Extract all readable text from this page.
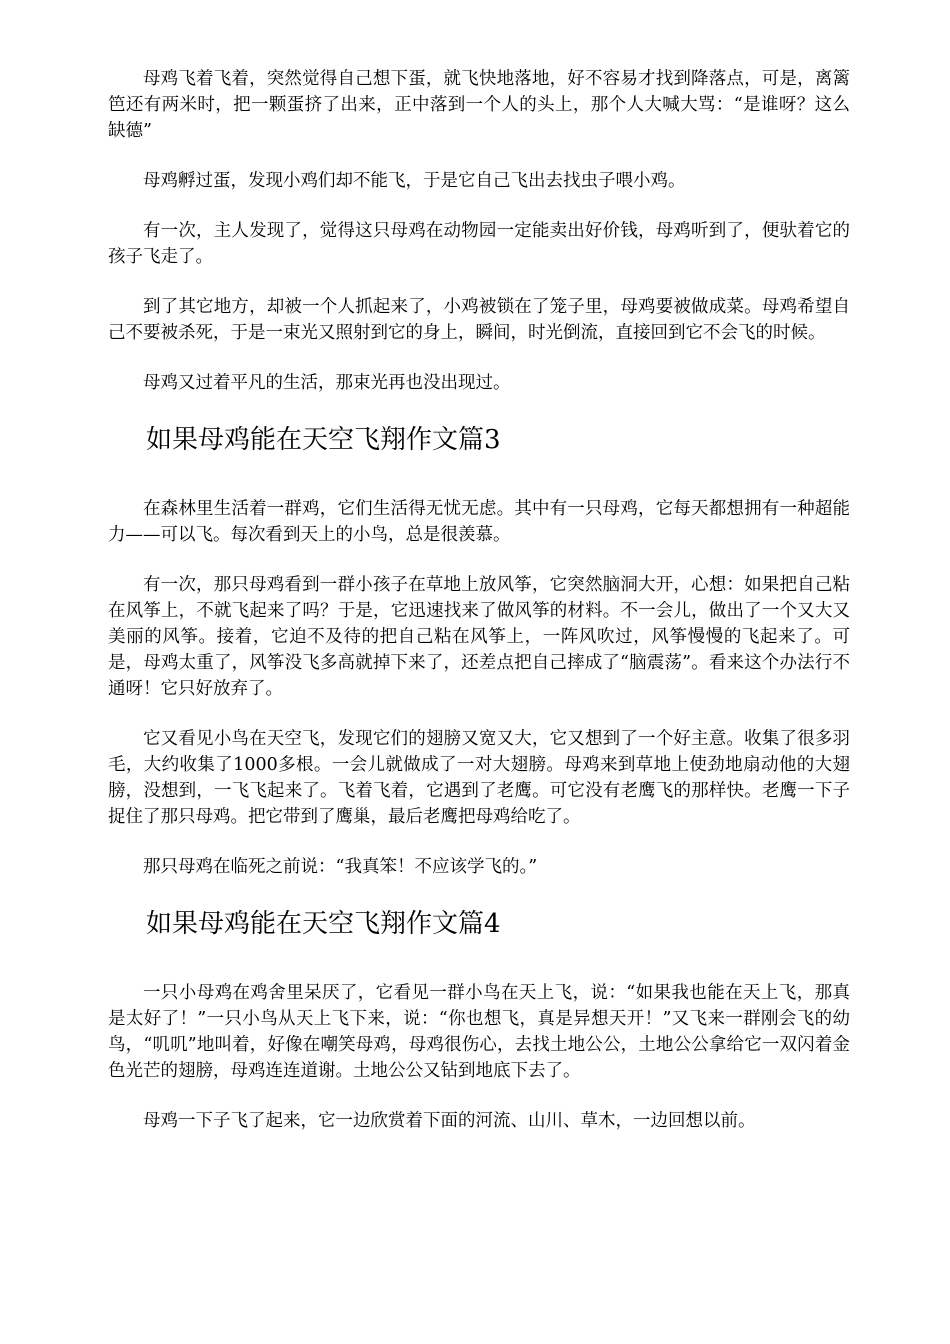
母鸡飞着飞着，突然觉得自己想下蛋，就飞快地落地，好不容易才找到降落点，可是，离篱笆还有两米时，把一颗蛋挤了出来，正中落到一个人的头上，那个人大喊大骂：“是谁呀？这么缺德”

母鸡孵过蛋，发现小鸡们却不能飞，于是它自己飞出去找虫子喂小鸡。

有一次，主人发现了，觉得这只母鸡在动物园一定能卖出好价钱，母鸡听到了，便驮着它的孩子飞走了。

到了其它地方，却被一个人抓起来了，小鸡被锁在了笼子里，母鸡要被做成菜。母鸡希望自己不要被杀死，于是一束光又照射到它的身上，瞬间，时光倒流，直接回到它不会飞的时候。

母鸡又过着平凡的生活，那束光再也没出现过。

如果母鸡能在天空飞翔作文篇3

在森林里生活着一群鸡，它们生活得无忧无虑。其中有一只母鸡，它每天都想拥有一种超能力——可以飞。每次看到天上的小鸟，总是很羡慕。

有一次，那只母鸡看到一群小孩子在草地上放风筝，它突然脑洞大开，心想：如果把自己粘在风筝上，不就飞起来了吗？于是，它迅速找来了做风筝的材料。不一会儿，做出了一个又大又美丽的风筝。接着，它迫不及待的把自己粘在风筝上，一阵风吹过，风筝慢慢的飞起来了。可是，母鸡太重了，风筝没飞多高就掉下来了，还差点把自己摔成了“脑震荡”。看来这个办法行不通呀！它只好放弃了。

它又看见小鸟在天空飞，发现它们的翅膀又宽又大，它又想到了一个好主意。收集了很多羽毛，大约收集了1000多根。一会儿就做成了一对大翅膀。母鸡来到草地上使劲地扇动他的大翅膀，没想到，一飞飞起来了。飞着飞着，它遇到了老鹰。可它没有老鹰飞的那样快。老鹰一下子捉住了那只母鸡。把它带到了鹰巢，最后老鹰把母鸡给吃了。

那只母鸡在临死之前说：“我真笨！不应该学飞的。”

如果母鸡能在天空飞翔作文篇4

一只小母鸡在鸡舍里呆厌了，它看见一群小鸟在天上飞，说：“如果我也能在天上飞，那真是太好了！”一只小鸟从天上飞下来，说：“你也想飞，真是异想天开！”又飞来一群刚会飞的幼鸟，“叽叽”地叫着，好像在嘲笑母鸡，母鸡很伤心，去找土地公公，土地公公拿给它一双闪着金色光芒的翅膀，母鸡连连道谢。土地公公又钻到地底下去了。

母鸡一下子飞了起来，它一边欣赏着下面的河流、山川、草木，一边回想以前。
